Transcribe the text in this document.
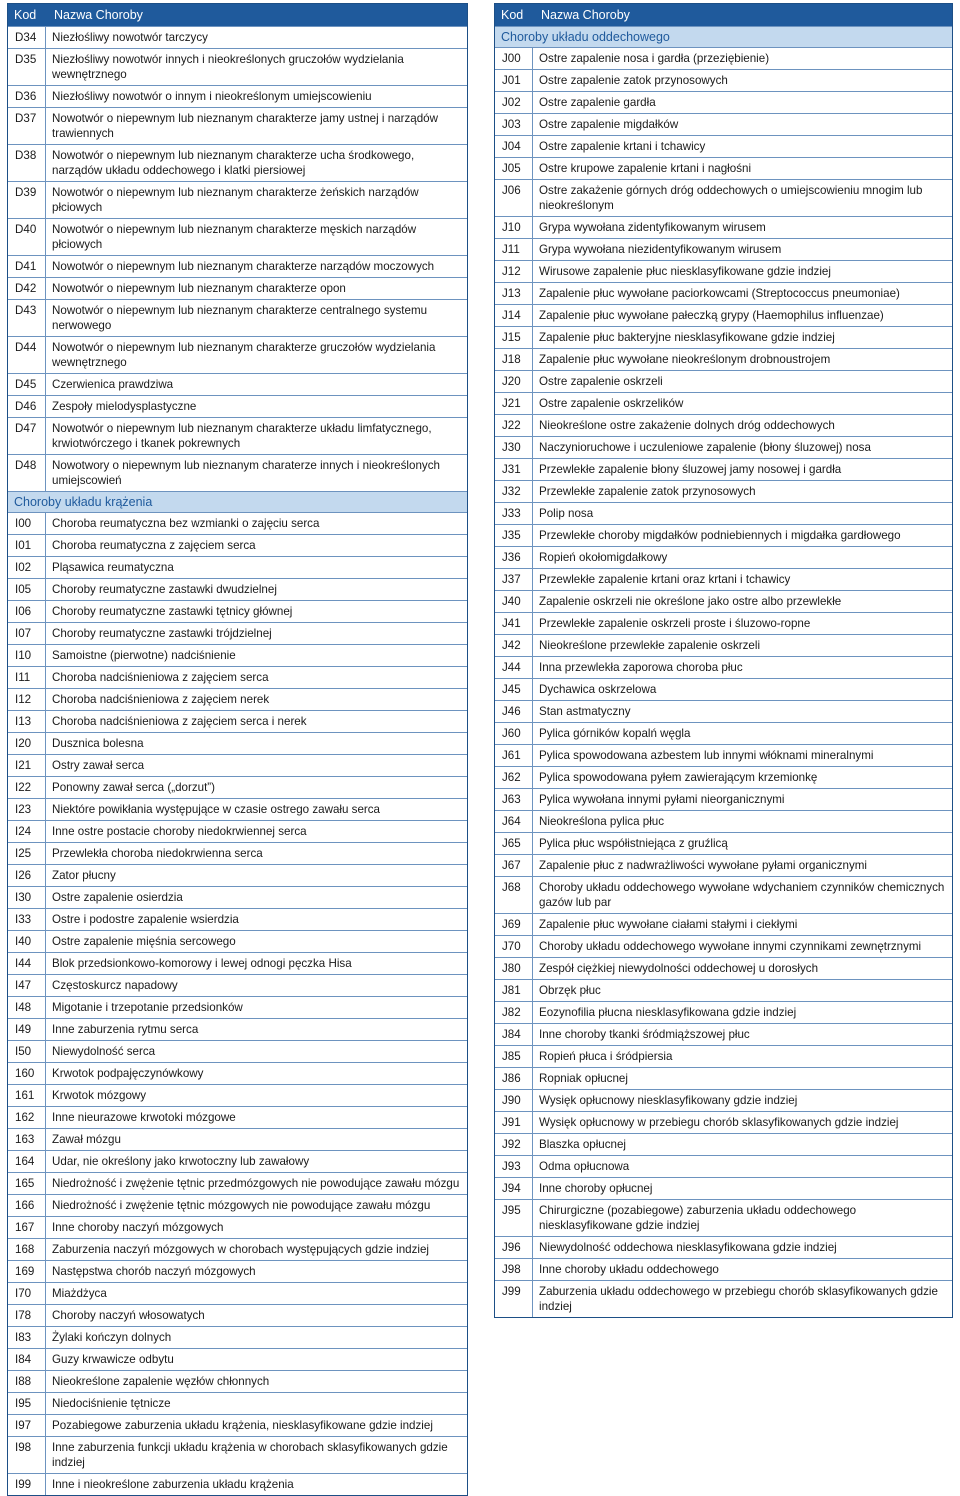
Kod	Nazwa Choroby
D34	Niezłośliwy nowotwór tarczycy
D35	Niezłośliwy nowotwór innych i nieokreślonych gruczołów wydzielania wewnętrznego
D36	Niezłośliwy nowotwór o innym i nieokreślonym umiejscowieniu
D37	Nowotwór o niepewnym lub nieznanym charakterze jamy ustnej i narządów trawiennych
D38	Nowotwór o niepewnym lub nieznanym charakterze ucha środkowego, narządów układu oddechowego i klatki piersiowej
D39	Nowotwór o niepewnym lub nieznanym charakterze żeńskich narządów płciowych
D40	Nowotwór o niepewnym lub nieznanym charakterze męskich narządów płciowych
D41	Nowotwór o niepewnym lub nieznanym charakterze narządów moczowych
D42	Nowotwór o niepewnym lub nieznanym charakterze opon
D43	Nowotwór o niepewnym lub nieznanym charakterze centralnego systemu nerwowego
D44	Nowotwór o niepewnym lub nieznanym charakterze gruczołów wydzielania wewnętrznego
D45	Czerwienica prawdziwa
D46	Zespoły mielodysplastyczne
D47	Nowotwór o niepewnym lub nieznanym charakterze układu limfatycznego, krwiotwórczego i tkanek pokrewnych
D48	Nowotwory o niepewnym lub nieznanym charaterze innych i nieokreślonych umiejscowień
Choroby układu krążenia
I00	Choroba reumatyczna bez wzmianki o zajęciu serca
I01	Choroba reumatyczna z zajęciem serca
I02	Pląsawica reumatyczna
I05	Choroby reumatyczne zastawki dwudzielnej
I06	Choroby reumatyczne zastawki tętnicy głównej
I07	Choroby reumatyczne zastawki trójdzielnej
I10	Samoistne (pierwotne) nadciśnienie
I11	Choroba nadciśnieniowa z zajęciem serca
I12	Choroba nadciśnieniowa z zajęciem nerek
I13	Choroba nadciśnieniowa z zajęciem serca i nerek
I20	Dusznica bolesna
I21	Ostry zawał serca
I22	Ponowny zawał serca („dorzut”)
I23	Niektóre powikłania występujące w czasie ostrego zawału serca
I24	Inne ostre postacie choroby niedokrwiennej serca
I25	Przewlekła choroba niedokrwienna serca
I26	Zator płucny
I30	Ostre zapalenie osierdzia
I33	Ostre i podostre zapalenie wsierdzia
I40	Ostre zapalenie mięśnia sercowego
I44	Blok przedsionkowo-komorowy i lewej odnogi pęczka Hisa
I47	Częstoskurcz napadowy
I48	Migotanie i trzepotanie przedsionków
I49	Inne zaburzenia rytmu serca
I50	Niewydolność serca
160	Krwotok podpajęczynówkowy
161	Krwotok mózgowy
162	Inne nieurazowe krwotoki mózgowe
163	Zawał mózgu
164	Udar, nie określony jako krwotoczny lub zawałowy
165	Niedrożność i zwężenie tętnic przedmózgowych nie powodujące zawału mózgu
166	Niedrożność i zwężenie tętnic mózgowych nie powodujące zawału mózgu
167	Inne choroby naczyń mózgowych
168	Zaburzenia naczyń mózgowych w chorobach występujących gdzie indziej
169	Następstwa chorób naczyń mózgowych
I70	Miażdżyca
I78	Choroby naczyń włosowatych
I83	Żylaki kończyn dolnych
I84	Guzy krwawicze odbytu
I88	Nieokreślone zapalenie węzłów chłonnych
I95	Niedociśnienie tętnicze
I97	Pozabiegowe zaburzenia układu krążenia, niesklasyfikowane gdzie indziej
I98	Inne zaburzenia funkcji układu krążenia w chorobach sklasyfikowanych gdzie indziej
I99	Inne i nieokreślone zaburzenia układu krążenia
Kod	Nazwa Choroby
Choroby układu oddechowego
J00	Ostre zapalenie nosa i gardła (przeziębienie)
J01	Ostre zapalenie zatok przynosowych
J02	Ostre zapalenie gardła
J03	Ostre zapalenie migdałków
J04	Ostre zapalenie krtani i tchawicy
J05	Ostre krupowe zapalenie krtani i nagłośni
J06	Ostre zakażenie górnych dróg oddechowych o umiejscowieniu mnogim lub nieokreślonym
J10	Grypa wywołana zidentyfikowanym wirusem
J11	Grypa wywołana niezidentyfikowanym wirusem
J12	Wirusowe zapalenie płuc niesklasyfikowane gdzie indziej
J13	Zapalenie płuc wywołane paciorkowcami (Streptococcus pneumoniae)
J14	Zapalenie płuc wywołane pałeczką grypy (Haemophilus influenzae)
J15	Zapalenie płuc bakteryjne niesklasyfikowane gdzie indziej
J18	Zapalenie płuc wywołane nieokreślonym drobnoustrojem
J20	Ostre zapalenie oskrzeli
J21	Ostre zapalenie oskrzelików
J22	Nieokreślone ostre zakażenie dolnych dróg oddechowych
J30	Naczynioruchowe i uczuleniowe zapalenie (błony śluzowej) nosa
J31	Przewlekłe zapalenie błony śluzowej jamy nosowej i gardła
J32	Przewlekłe zapalenie zatok przynosowych
J33	Polip nosa
J35	Przewlekłe choroby migdałków podniebiennych i migdałka gardłowego
J36	Ropień okołomigdałkowy
J37	Przewlekłe zapalenie krtani oraz krtani i tchawicy
J40	Zapalenie oskrzeli nie określone jako ostre albo przewlekłe
J41	Przewlekłe zapalenie oskrzeli proste i śluzowo-ropne
J42	Nieokreślone przewlekłe zapalenie oskrzeli
J44	Inna przewlekła zaporowa choroba płuc
J45	Dychawica oskrzelowa
J46	Stan astmatyczny
J60	Pylica górników kopalń węgla
J61	Pylica spowodowana azbestem lub innymi włóknami mineralnymi
J62	Pylica spowodowana pyłem zawierającym krzemionkę
J63	Pylica wywołana innymi pyłami nieorganicznymi
J64	Nieokreślona pylica płuc
J65	Pylica płuc współistniejąca z gruźlicą
J67	Zapalenie płuc z nadwrażliwości wywołane pyłami organicznymi
J68	Choroby układu oddechowego wywołane wdychaniem czynników chemicznych gazów lub par
J69	Zapalenie płuc wywołane ciałami stałymi i ciekłymi
J70	Choroby układu oddechowego wywołane innymi czynnikami zewnętrznymi
J80	Zespół ciężkiej niewydolności oddechowej u dorosłych
J81	Obrzęk płuc
J82	Eozynofilia płucna niesklasyfikowana gdzie indziej
J84	Inne choroby tkanki śródmiąższowej płuc
J85	Ropień płuca i śródpiersia
J86	Ropniak opłucnej
J90	Wysięk opłucnowy niesklasyfikowany gdzie indziej
J91	Wysięk opłucnowy w przebiegu chorób sklasyfikowanych gdzie indziej
J92	Blaszka opłucnej
J93	Odma opłucnowa
J94	Inne choroby opłucnej
J95	Chirurgiczne (pozabiegowe) zaburzenia układu oddechowego niesklasyfikowane gdzie indziej
J96	Niewydolność oddechowa niesklasyfikowana gdzie indziej
J98	Inne choroby układu oddechowego
J99	Zaburzenia układu oddechowego w przebiegu chorób sklasyfikowanych gdzie indziej
